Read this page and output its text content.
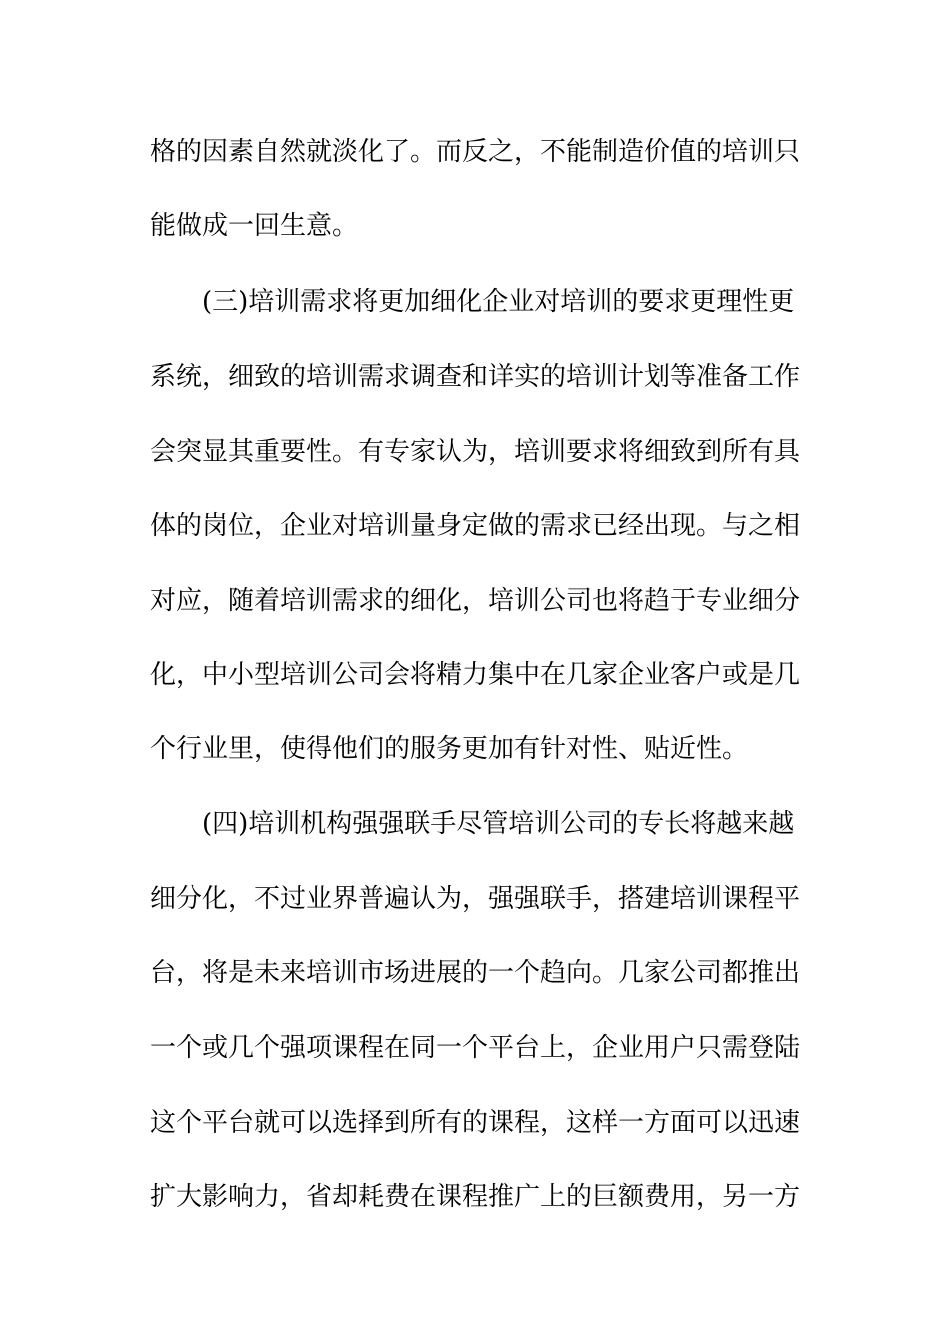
格的因素自然就淡化了。而反之，不能制造价值的培训只
能做成一回生意。
(三)培训需求将更加细化企业对培训的要求更理性更
系统，细致的培训需求调查和详实的培训计划等准备工作
会突显其重要性。有专家认为，培训要求将细致到所有具
体的岗位，企业对培训量身定做的需求已经出现。与之相
对应，随着培训需求的细化，培训公司也将趋于专业细分
化，中小型培训公司会将精力集中在几家企业客户或是几
个行业里，使得他们的服务更加有针对性、贴近性。
(四)培训机构强强联手尽管培训公司的专长将越来越
细分化，不过业界普遍认为，强强联手，搭建培训课程平
台，将是未来培训市场进展的一个趋向。几家公司都推出
一个或几个强项课程在同一个平台上，企业用户只需登陆
这个平台就可以选择到所有的课程，这样一方面可以迅速
扩大影响力，省却耗费在课程推广上的巨额费用，另一方
